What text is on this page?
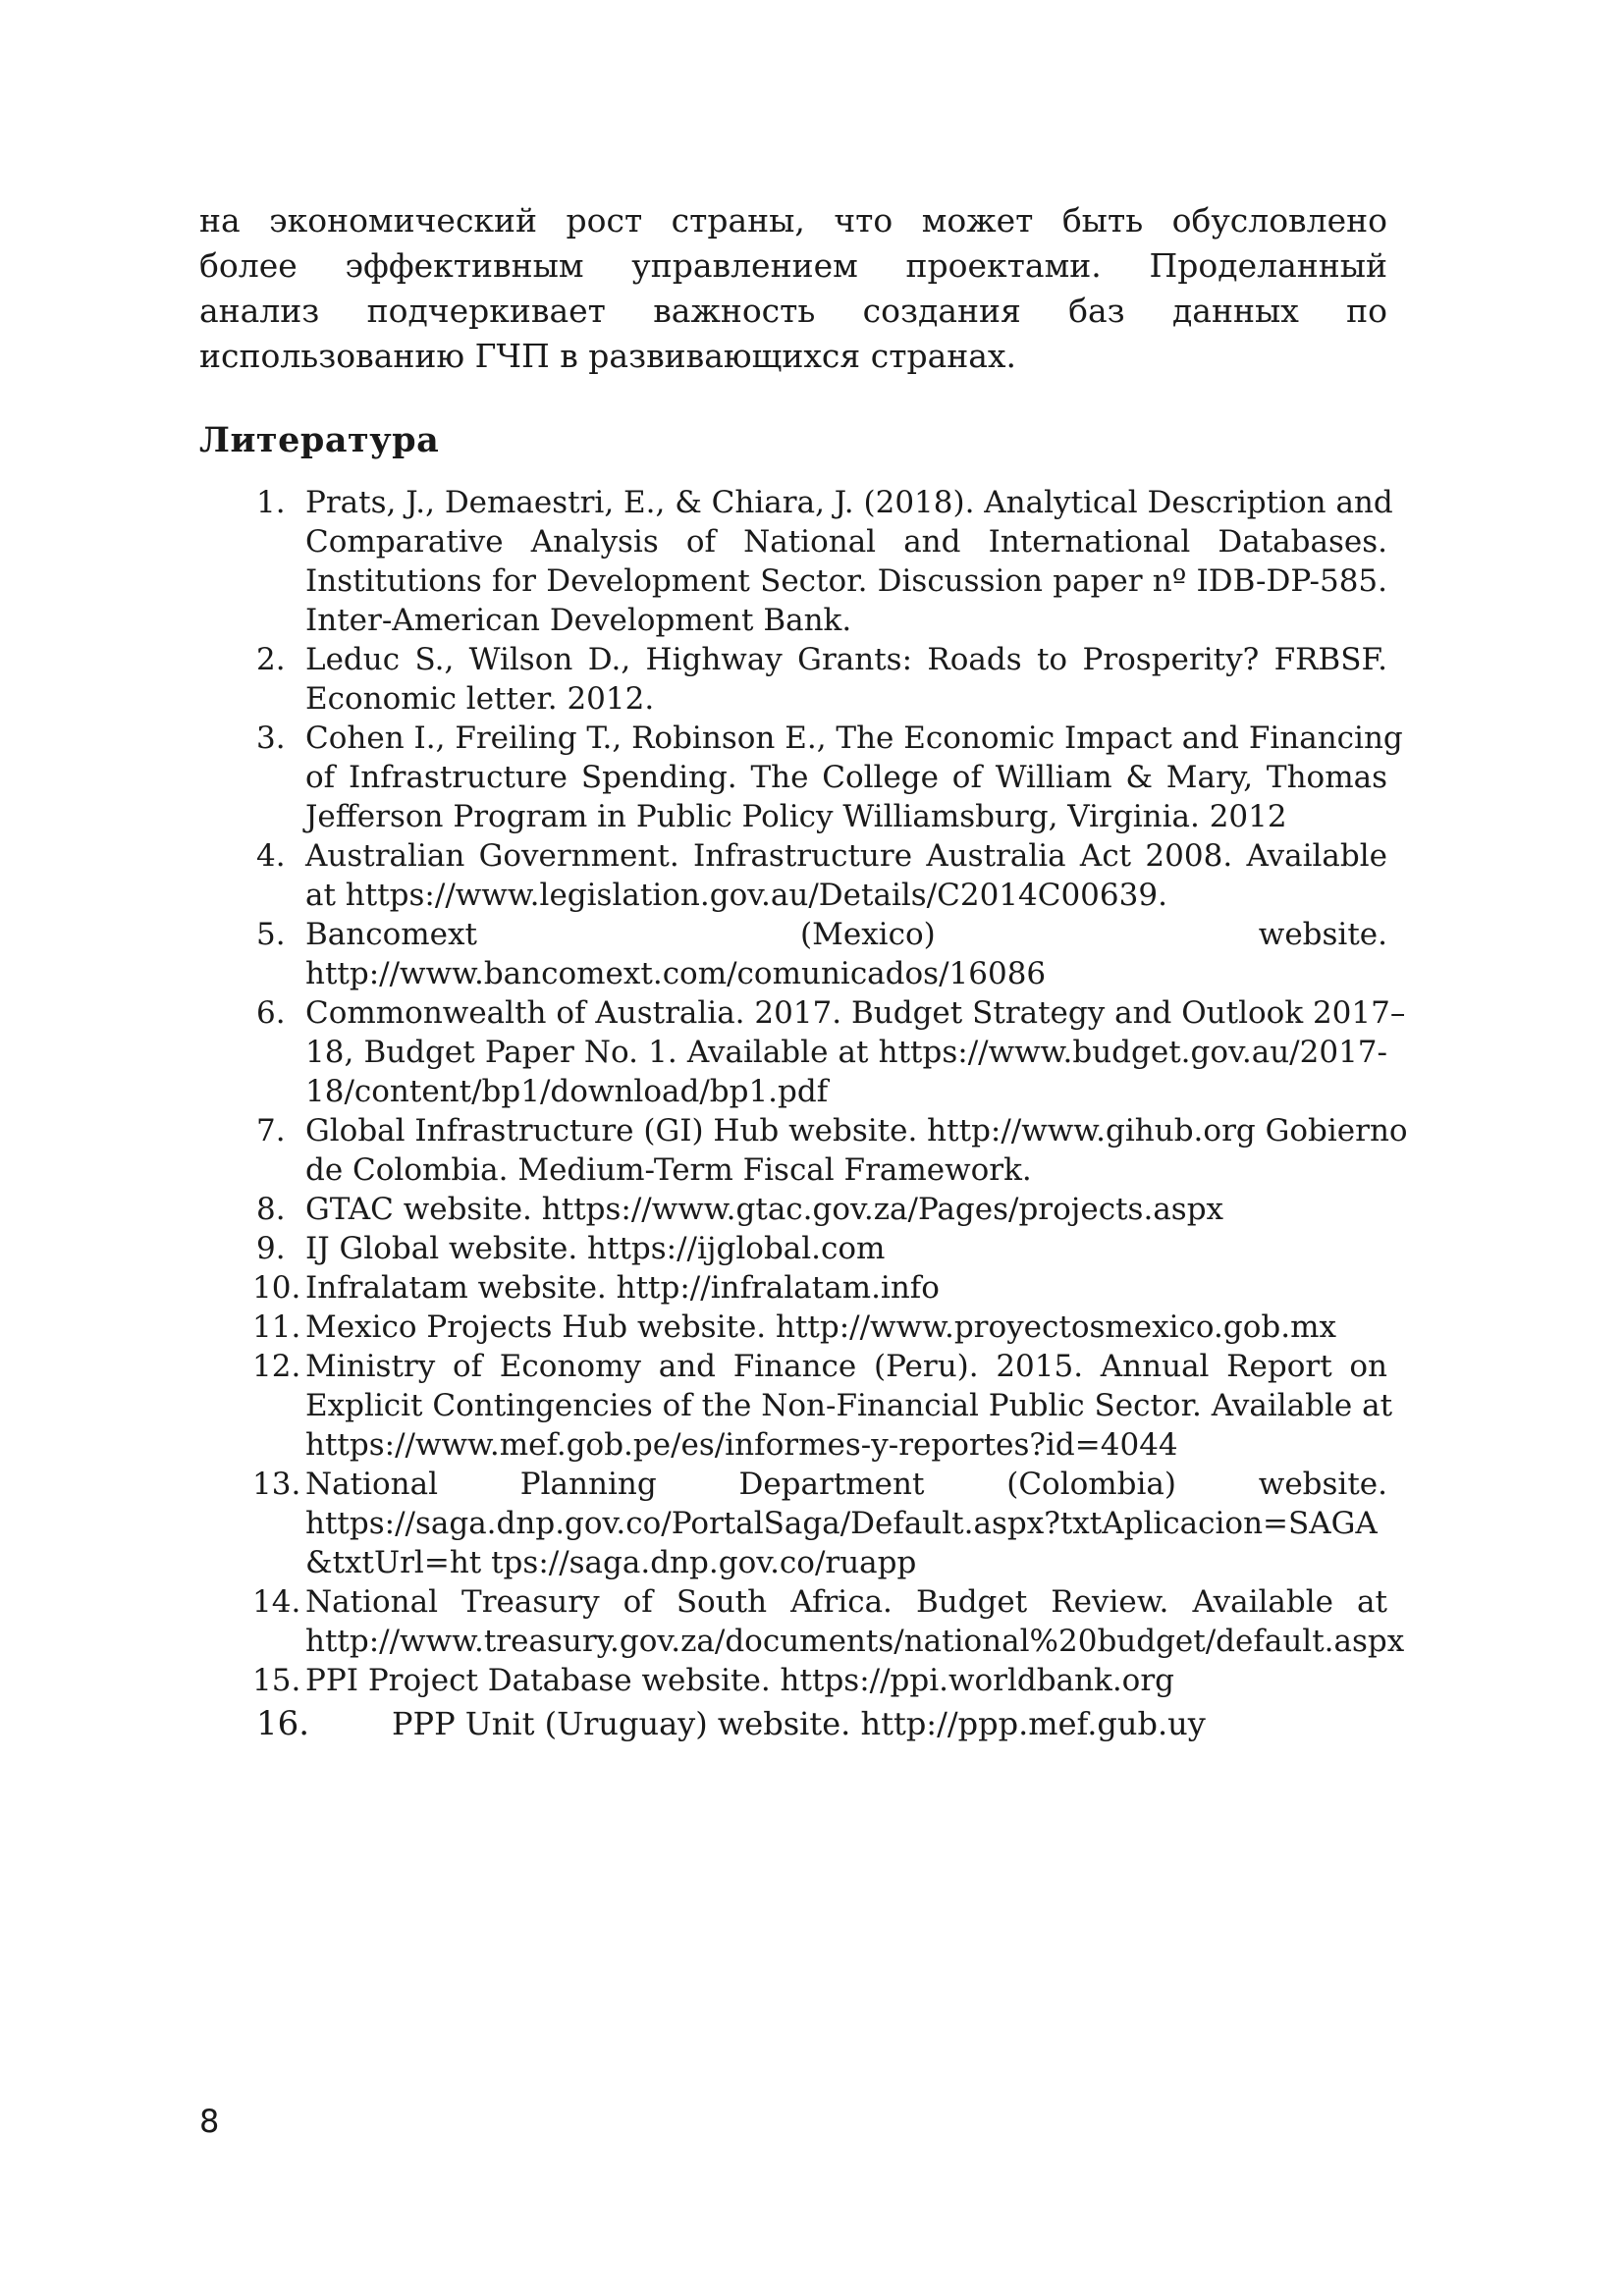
на экономический рост страны, что может быть обусловлено
более эффективным управлением проектами. Проделанный
анализ подчеркивает важность создания баз данных по
использованию ГЧП в развивающихся странах.

Литература
1. Prats, J., Demaestri, E., & Chiara, J. (2018). Analytical Description and
Comparative Analysis of National and International Databases.
Institutions for Development Sector. Discussion paper nº IDB-DP-585.
Inter-American Development Bank.
2. Leduc S., Wilson D., Highway Grants: Roads to Prosperity? FRBSF.
Economic letter. 2012.
3. Cohen I., Freiling T., Robinson E., The Economic Impact and Financing
of Infrastructure Spending. The College of William & Mary, Thomas
Jefferson Program in Public Policy Williamsburg, Virginia. 2012
4. Australian Government. Infrastructure Australia Act 2008. Available
at https://www.legislation.gov.au/Details/C2014C00639.
5. Bancomext (Mexico) website.
http://www.bancomext.com/comunicados/16086
6. Commonwealth of Australia. 2017. Budget Strategy and Outlook 2017–
18, Budget Paper No. 1. Available at https://www.budget.gov.au/2017-
18/content/bp1/download/bp1.pdf
7. Global Infrastructure (GI) Hub website. http://www.gihub.org Gobierno
de Colombia. Medium-Term Fiscal Framework.
8. GTAC website. https://www.gtac.gov.za/Pages/projects.aspx
9. IJ Global website. https://ijglobal.com
10. Infralatam website. http://infralatam.info
11. Mexico Projects Hub website. http://www.proyectosmexico.gob.mx
12. Ministry of Economy and Finance (Peru). 2015. Annual Report on
Explicit Contingencies of the Non-Financial Public Sector. Available at
https://www.mef.gob.pe/es/informes-y-reportes?id=4044
13. National Planning Department (Colombia) website.
https://saga.dnp.gov.co/PortalSaga/Default.aspx?txtAplicacion=SAGA
&txtUrl=ht tps://saga.dnp.gov.co/ruapp
14. National Treasury of South Africa. Budget Review. Available at
http://www.treasury.gov.za/documents/national%20budget/default.aspx
15. PPI Project Database website. https://ppi.worldbank.org
16.	PPP Unit (Uruguay) website. http://ppp.mef.gub.uy

8
